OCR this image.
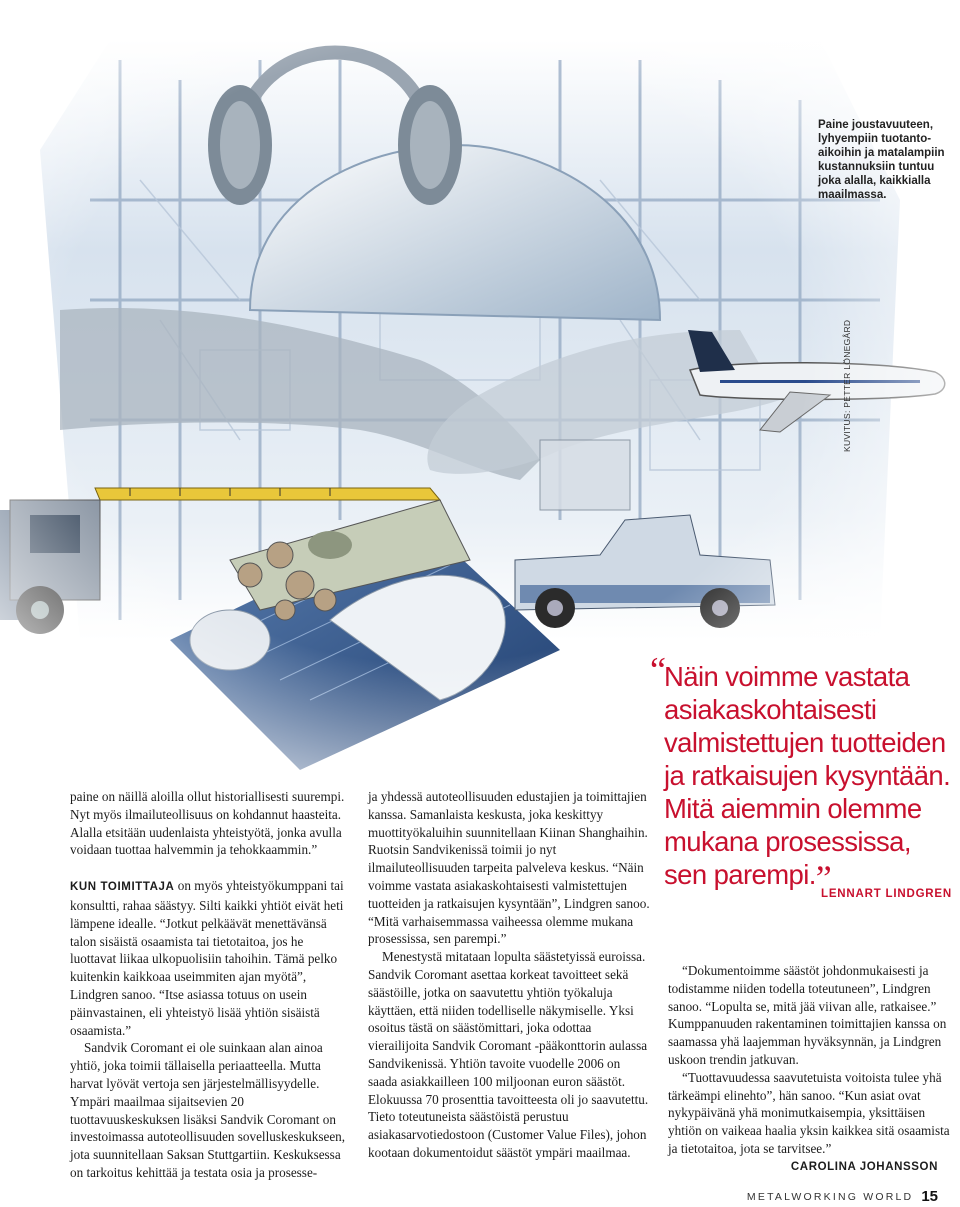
Paine joustavuuteen, lyhyempiin tuotanto-aikoihin ja matalampiin kustannuksiin tuntuu joka alalla, kaikkialla maailmassa.
KUVITUS: PETTER LÖNEGÅRD

paine on näillä aloilla ollut historiallisesti suurempi. Nyt myös ilmailuteollisuus on kohdannut haasteita. Alalla etsitään uudenlaista yhteistyötä, jonka avulla voidaan tuottaa halvemmin ja tehokkaammin.”

KUN TOIMITTAJA on myös yhteistyökumppani tai konsultti, rahaa säästyy. Silti kaikki yhtiöt eivät heti lämpene idealle. “Jotkut pelkäävät menettävänsä talon sisäistä osaamista tai tietotaitoa, jos he luottavat liikaa ulkopuolisiin tahoihin. Tämä pelko kuitenkin kaikkoaa useimmiten ajan myötä”, Lindgren sanoo. “Itse asiassa totuus on usein päinvastainen, eli yhteistyö lisää yhtiön sisäistä osaamista.”

Sandvik Coromant ei ole suinkaan alan ainoa yhtiö, joka toimii tällaisella periaatteella. Mutta harvat lyövät vertoja sen järjestelmällisyydelle. Ympäri maailmaa sijaitsevien 20 tuottavuuskeskuksen lisäksi Sandvik Coromant on investoimassa autoteollisuuden sovelluskeskukseen, jota suunnitellaan Saksan Stuttgartiin. Keskuksessa on tarkoitus kehittää ja testata osia ja prosesse-

ja yhdessä autoteollisuuden edustajien ja toimittajien kanssa. Samanlaista keskusta, joka keskittyy muottityökaluihin suunnitellaan Kiinan Shanghaihin. Ruotsin Sandvikenissä toimii jo nyt ilmailuteollisuuden tarpeita palveleva keskus. “Näin voimme vastata asiakaskohtaisesti valmistettujen tuotteiden ja ratkaisujen kysyntään”, Lindgren sanoo. “Mitä varhaisemmassa vaiheessa olemme mukana prosessissa, sen parempi.”

Menestystä mitataan lopulta säästetyissä euroissa. Sandvik Coromant asettaa korkeat tavoitteet sekä säästöille, jotka on saavutettu yhtiön työkaluja käyttäen, että niiden todelliselle näkymiselle. Yksi osoitus tästä on säästömittari, joka odottaa vierailijoita Sandvik Coromant -pääkonttorin aulassa Sandvikenissä. Yhtiön tavoite vuodelle 2006 on saada asiakkailleen 100 miljoonan euron säästöt. Elokuussa 70 prosenttia tavoitteesta oli jo saavutettu. Tieto toteutuneista säästöistä perustuu asiakasarvotiedostoon (Customer Value Files), johon kootaan dokumentoidut säästöt ympäri maailmaa.

“
Näin voimme vastata asiakaskohtaisesti valmistettujen tuotteiden ja ratkaisujen kysyntään. Mitä aiemmin olemme mukana prosessissa, sen parempi.”
LENNART LINDGREN

“Dokumentoimme säästöt johdonmukaisesti ja todistamme niiden todella toteutuneen”, Lindgren sanoo. “Lopulta se, mitä jää viivan alle, ratkaisee.” Kumppanuuden rakentaminen toimittajien kanssa on saamassa yhä laajemman hyväksynnän, ja Lindgren uskoon trendin jatkuvan.

“Tuottavuudessa saavutetuista voitoista tulee yhä tärkeämpi elinehto”, hän sanoo. “Kun asiat ovat nykypäivänä yhä monimutkaisempia, yksittäisen yhtiön on vaikeaa haalia yksin kaikkea sitä osaamista ja tietotaitoa, jota se tarvitsee.”

CAROLINA JOHANSSON
METALWORKING WORLD 15
